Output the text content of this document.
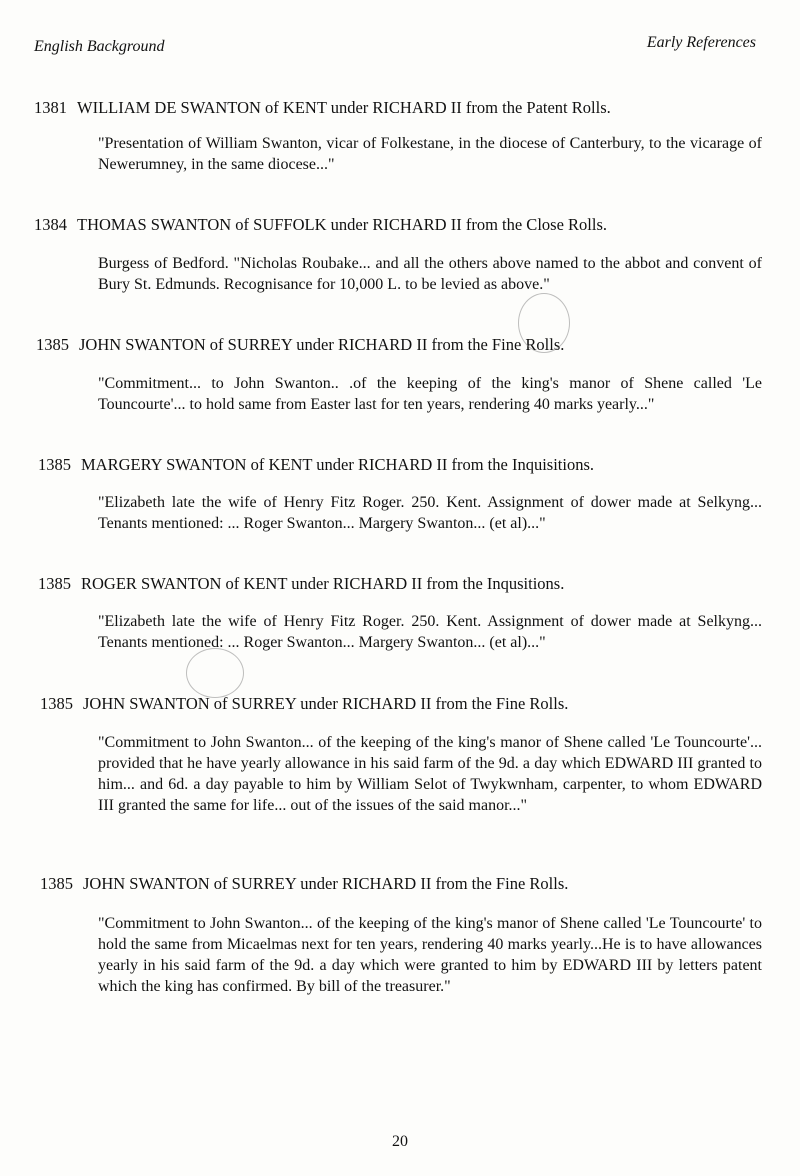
English Background	Early References
1381 WILLIAM DE SWANTON of KENT under RICHARD II from the Patent Rolls.
"Presentation of William Swanton, vicar of Folkestane, in the diocese of Canterbury, to the vicarage of Newerumney, in the same diocese..."
1384 THOMAS SWANTON of SUFFOLK under RICHARD II from the Close Rolls.
Burgess of Bedford. "Nicholas Roubake... and all the others above named to the abbot and convent of Bury St. Edmunds. Recognisance for 10,000 L. to be levied as above."
1385 JOHN SWANTON of SURREY under RICHARD II from the Fine Rolls.
"Commitment... to John Swanton.. .of the keeping of the king's manor of Shene called 'Le Touncourte'... to hold same from Easter last for ten years, rendering 40 marks yearly..."
1385 MARGERY SWANTON of KENT under RICHARD II from the Inquisitions.
"Elizabeth late the wife of Henry Fitz Roger. 250. Kent. Assignment of dower made at Selkyng... Tenants mentioned: ... Roger Swanton... Margery Swanton... (et al)..."
1385 ROGER SWANTON of KENT under RICHARD II from the Inqusitions.
"Elizabeth late the wife of Henry Fitz Roger. 250. Kent. Assignment of dower made at Selkyng... Tenants mentioned: ... Roger Swanton... Margery Swanton... (et al)..."
1385 JOHN SWANTON of SURREY under RICHARD II from the Fine Rolls.
"Commitment to John Swanton... of the keeping of the king's manor of Shene called 'Le Touncourte'... provided that he have yearly allowance in his said farm of the 9d. a day which EDWARD III granted to him... and 6d. a day payable to him by William Selot of Twykwnham, carpenter, to whom EDWARD III granted the same for life... out of the issues of the said manor..."
1385 JOHN SWANTON of SURREY under RICHARD II from the Fine Rolls.
"Commitment to John Swanton... of the keeping of the king's manor of Shene called 'Le Touncourte' to hold the same from Micaelmas next for ten years, rendering 40 marks yearly...He is to have allowances yearly in his said farm of the 9d. a day which were granted to him by EDWARD III by letters patent which the king has confirmed. By bill of the treasurer."
20
